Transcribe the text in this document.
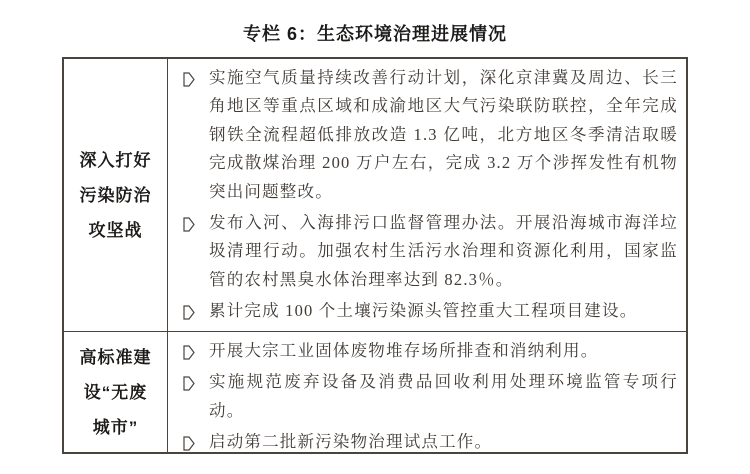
专栏 6：生态环境治理进展情况
深入打好
污染防治
攻坚战
实施空气质量持续改善行动计划，深化京津冀及周边、长三角地区等重点区域和成渝地区大气污染联防联控，全年完成钢铁全流程超低排放改造 1.3 亿吨，北方地区冬季清洁取暖完成散煤治理 200 万户左右，完成 3.2 万个涉挥发性有机物突出问题整改。
发布入河、入海排污口监督管理办法。开展沿海城市海洋垃圾清理行动。加强农村生活污水治理和资源化利用，国家监管的农村黑臭水体治理率达到 82.3％。
累计完成 100 个土壤污染源头管控重大工程项目建设。
高标准建
设“无废
城市”
开展大宗工业固体废物堆存场所排查和消纳利用。
实施规范废弃设备及消费品回收利用处理环境监管专项行动。
启动第二批新污染物治理试点工作。
